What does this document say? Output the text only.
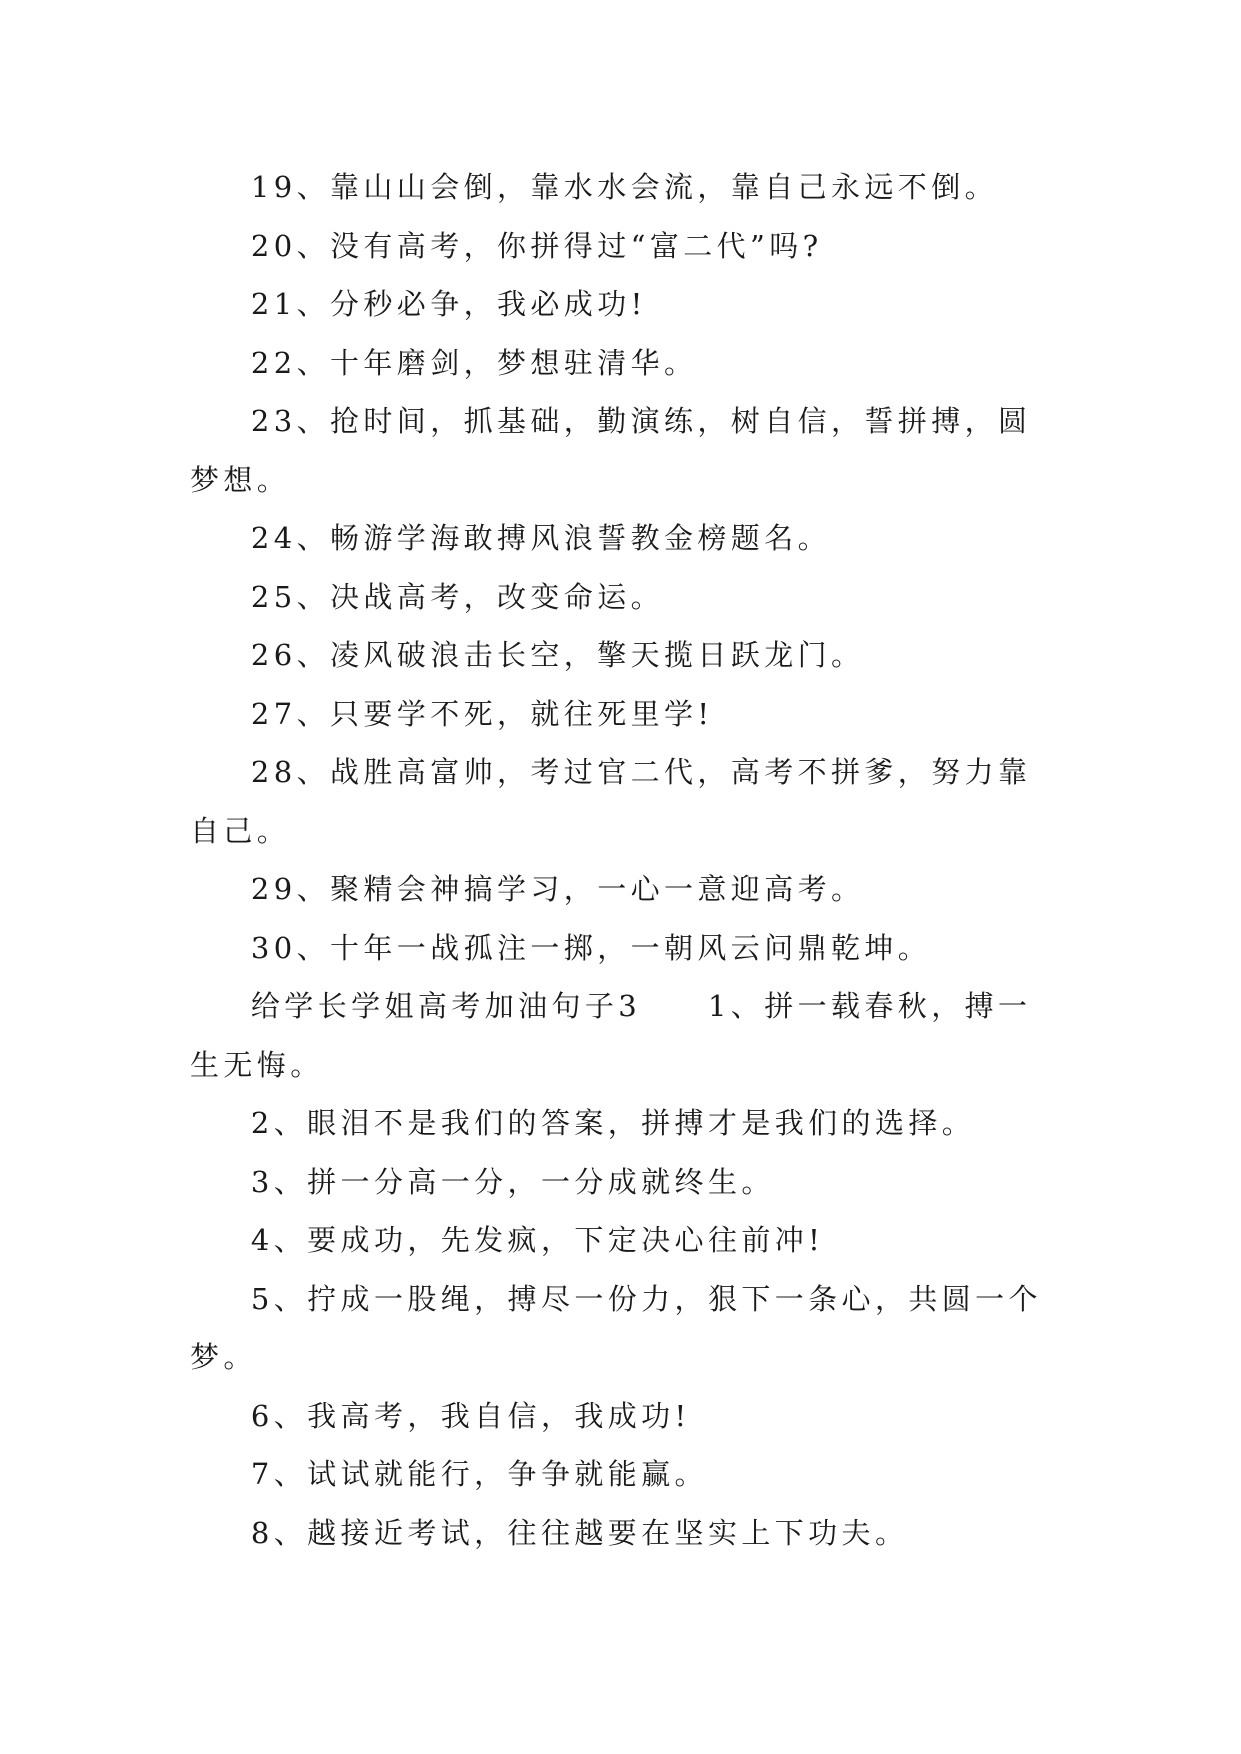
19、靠山山会倒，靠水水会流，靠自己永远不倒。

20、没有高考，你拼得过“富二代”吗?

21、分秒必争，我必成功!

22、十年磨剑，梦想驻清华。

23、抢时间，抓基础，勤演练，树自信，誓拼搏，圆梦想。

24、畅游学海敢搏风浪誓教金榜题名。

25、决战高考，改变命运。

26、凌风破浪击长空，擎天揽日跃龙门。

27、只要学不死，就往死里学!

28、战胜高富帅，考过官二代，高考不拼爹，努力靠自己。

29、聚精会神搞学习，一心一意迎高考。

30、十年一战孤注一掷，一朝风云问鼎乾坤。

给学长学姐高考加油句子3　　1、拼一载春秋，搏一生无悔。

2、眼泪不是我们的答案，拼搏才是我们的选择。

3、拼一分高一分，一分成就终生。

4、要成功，先发疯，下定决心往前冲!

5、拧成一股绳，搏尽一份力，狠下一条心，共圆一个梦。

6、我高考，我自信，我成功!

7、试试就能行，争争就能赢。

8、越接近考试，往往越要在坚实上下功夫。
